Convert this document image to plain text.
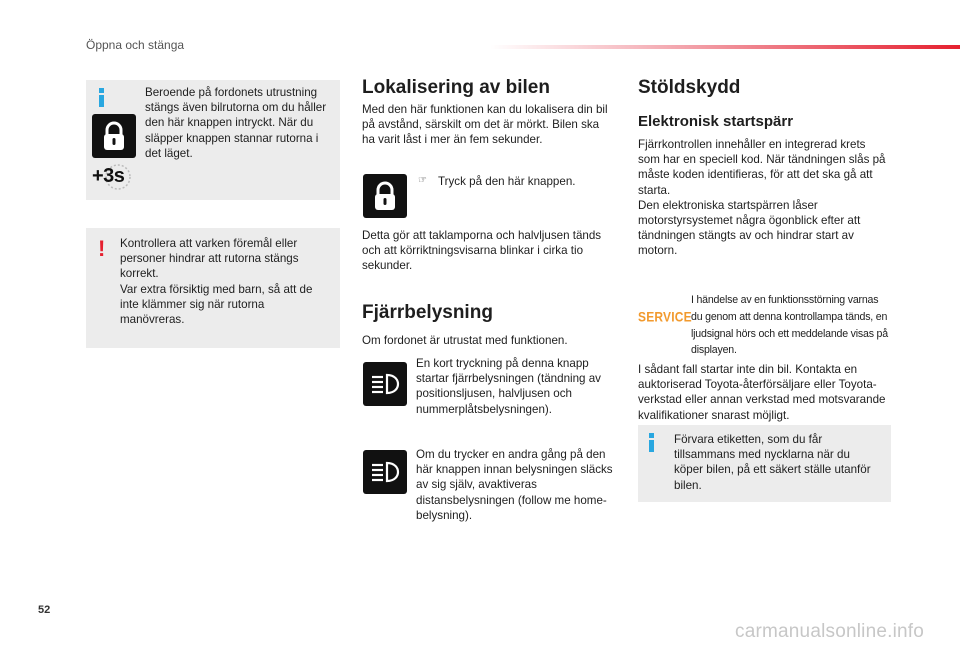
Öppna och stänga
+3s
Beroende på fordonets utrustning stängs även bilrutorna om du håller den här knappen intryckt. När du släpper knappen stannar rutorna i det läget.
! Kontrollera att varken föremål eller personer hindrar att rutorna stängs korrekt.
Var extra försiktig med barn, så att de inte klämmer sig när rutorna manövreras.
Lokalisering av bilen
Med den här funktionen kan du lokalisera din bil på avstånd, särskilt om det är mörkt. Bilen ska ha varit låst i mer än fem sekunder.
☞ Tryck på den här knappen.
Detta gör att taklamporna och halvljusen tänds och att körriktningsvisarna blinkar i cirka tio sekunder.
Fjärrbelysning
Om fordonet är utrustat med funktionen.
En kort tryckning på denna knapp startar fjärrbelysningen (tändning av positionsljusen, halvljusen och nummerplåtsbelysningen).
Om du trycker en andra gång på den här knappen innan belysningen släcks av sig själv, avaktiveras distansbelysningen (follow me home-belysning).
Stöldskydd
Elektronisk startspärr
Fjärrkontrollen innehåller en integrerad krets som har en speciell kod. När tändningen slås på måste koden identifieras, för att det ska gå att starta.
Den elektroniska startspärren låser motorstyrsystemet några ögonblick efter att tändningen stängts av och hindrar start av motorn.
SERVICE
I händelse av en funktionsstörning varnas du genom att denna kontrollampa tänds, en ljudsignal hörs och ett meddelande visas på displayen.
I sådant fall startar inte din bil. Kontakta en auktoriserad Toyota-återförsäljare eller Toyota-verkstad eller annan verkstad med motsvarande kvalifikationer snarast möjligt.
Förvara etiketten, som du får tillsammans med nycklarna när du köper bilen, på ett säkert ställe utanför bilen.
52
carmanualsonline.info
